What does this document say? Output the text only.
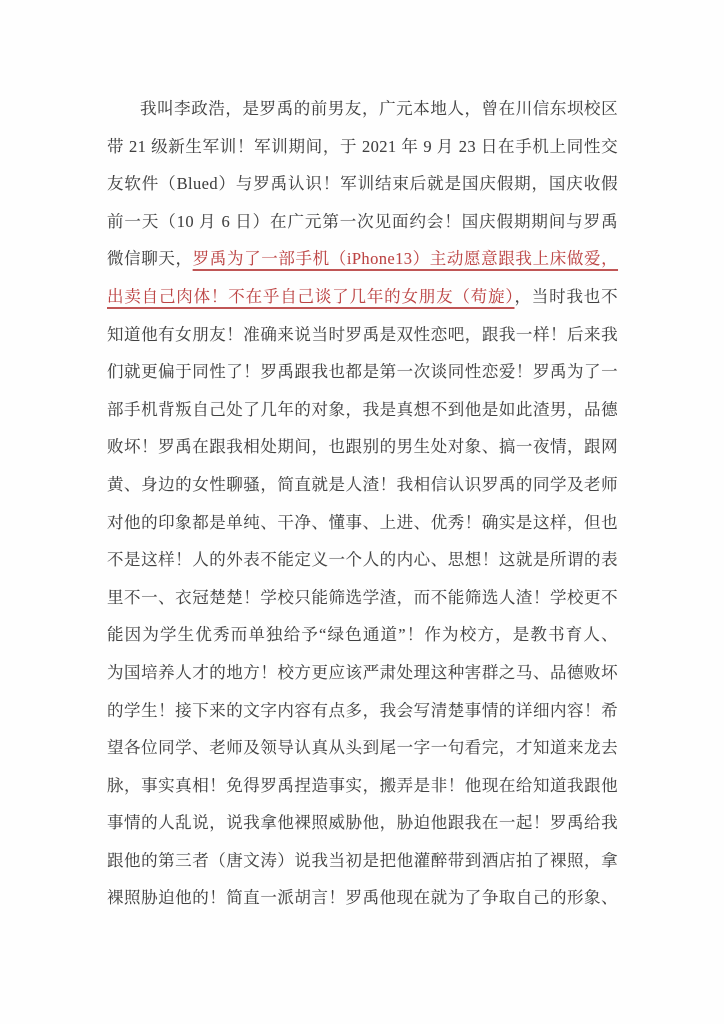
我叫李政浩，是罗禹的前男友，广元本地人，曾在川信东坝校区
带 21 级新生军训！军训期间，于 2021 年 9 月 23 日在手机上同性交
友软件（Blued）与罗禹认识！军训结束后就是国庆假期，国庆收假
前一天（10 月 6 日）在广元第一次见面约会！国庆假期期间与罗禹
微信聊天，罗禹为了一部手机（iPhone13）主动愿意跟我上床做爱，
出卖自己肉体！不在乎自己谈了几年的女朋友（苟旋），当时我也不
知道他有女朋友！准确来说当时罗禹是双性恋吧，跟我一样！后来我
们就更偏于同性了！罗禹跟我也都是第一次谈同性恋爱！罗禹为了一
部手机背叛自己处了几年的对象，我是真想不到他是如此渣男，品德
败坏！罗禹在跟我相处期间，也跟别的男生处对象、搞一夜情，跟网
黄、身边的女性聊骚，简直就是人渣！我相信认识罗禹的同学及老师
对他的印象都是单纯、干净、懂事、上进、优秀！确实是这样，但也
不是这样！人的外表不能定义一个人的内心、思想！这就是所谓的表
里不一、衣冠楚楚！学校只能筛选学渣，而不能筛选人渣！学校更不
能因为学生优秀而单独给予“绿色通道”！作为校方，是教书育人、
为国培养人才的地方！校方更应该严肃处理这种害群之马、品德败坏
的学生！接下来的文字内容有点多，我会写清楚事情的详细内容！希
望各位同学、老师及领导认真从头到尾一字一句看完，才知道来龙去
脉，事实真相！免得罗禹捏造事实，搬弄是非！他现在给知道我跟他
事情的人乱说，说我拿他裸照威胁他，胁迫他跟我在一起！罗禹给我
跟他的第三者（唐文涛）说我当初是把他灌醉带到酒店拍了裸照，拿
裸照胁迫他的！简直一派胡言！罗禹他现在就为了争取自己的形象、
